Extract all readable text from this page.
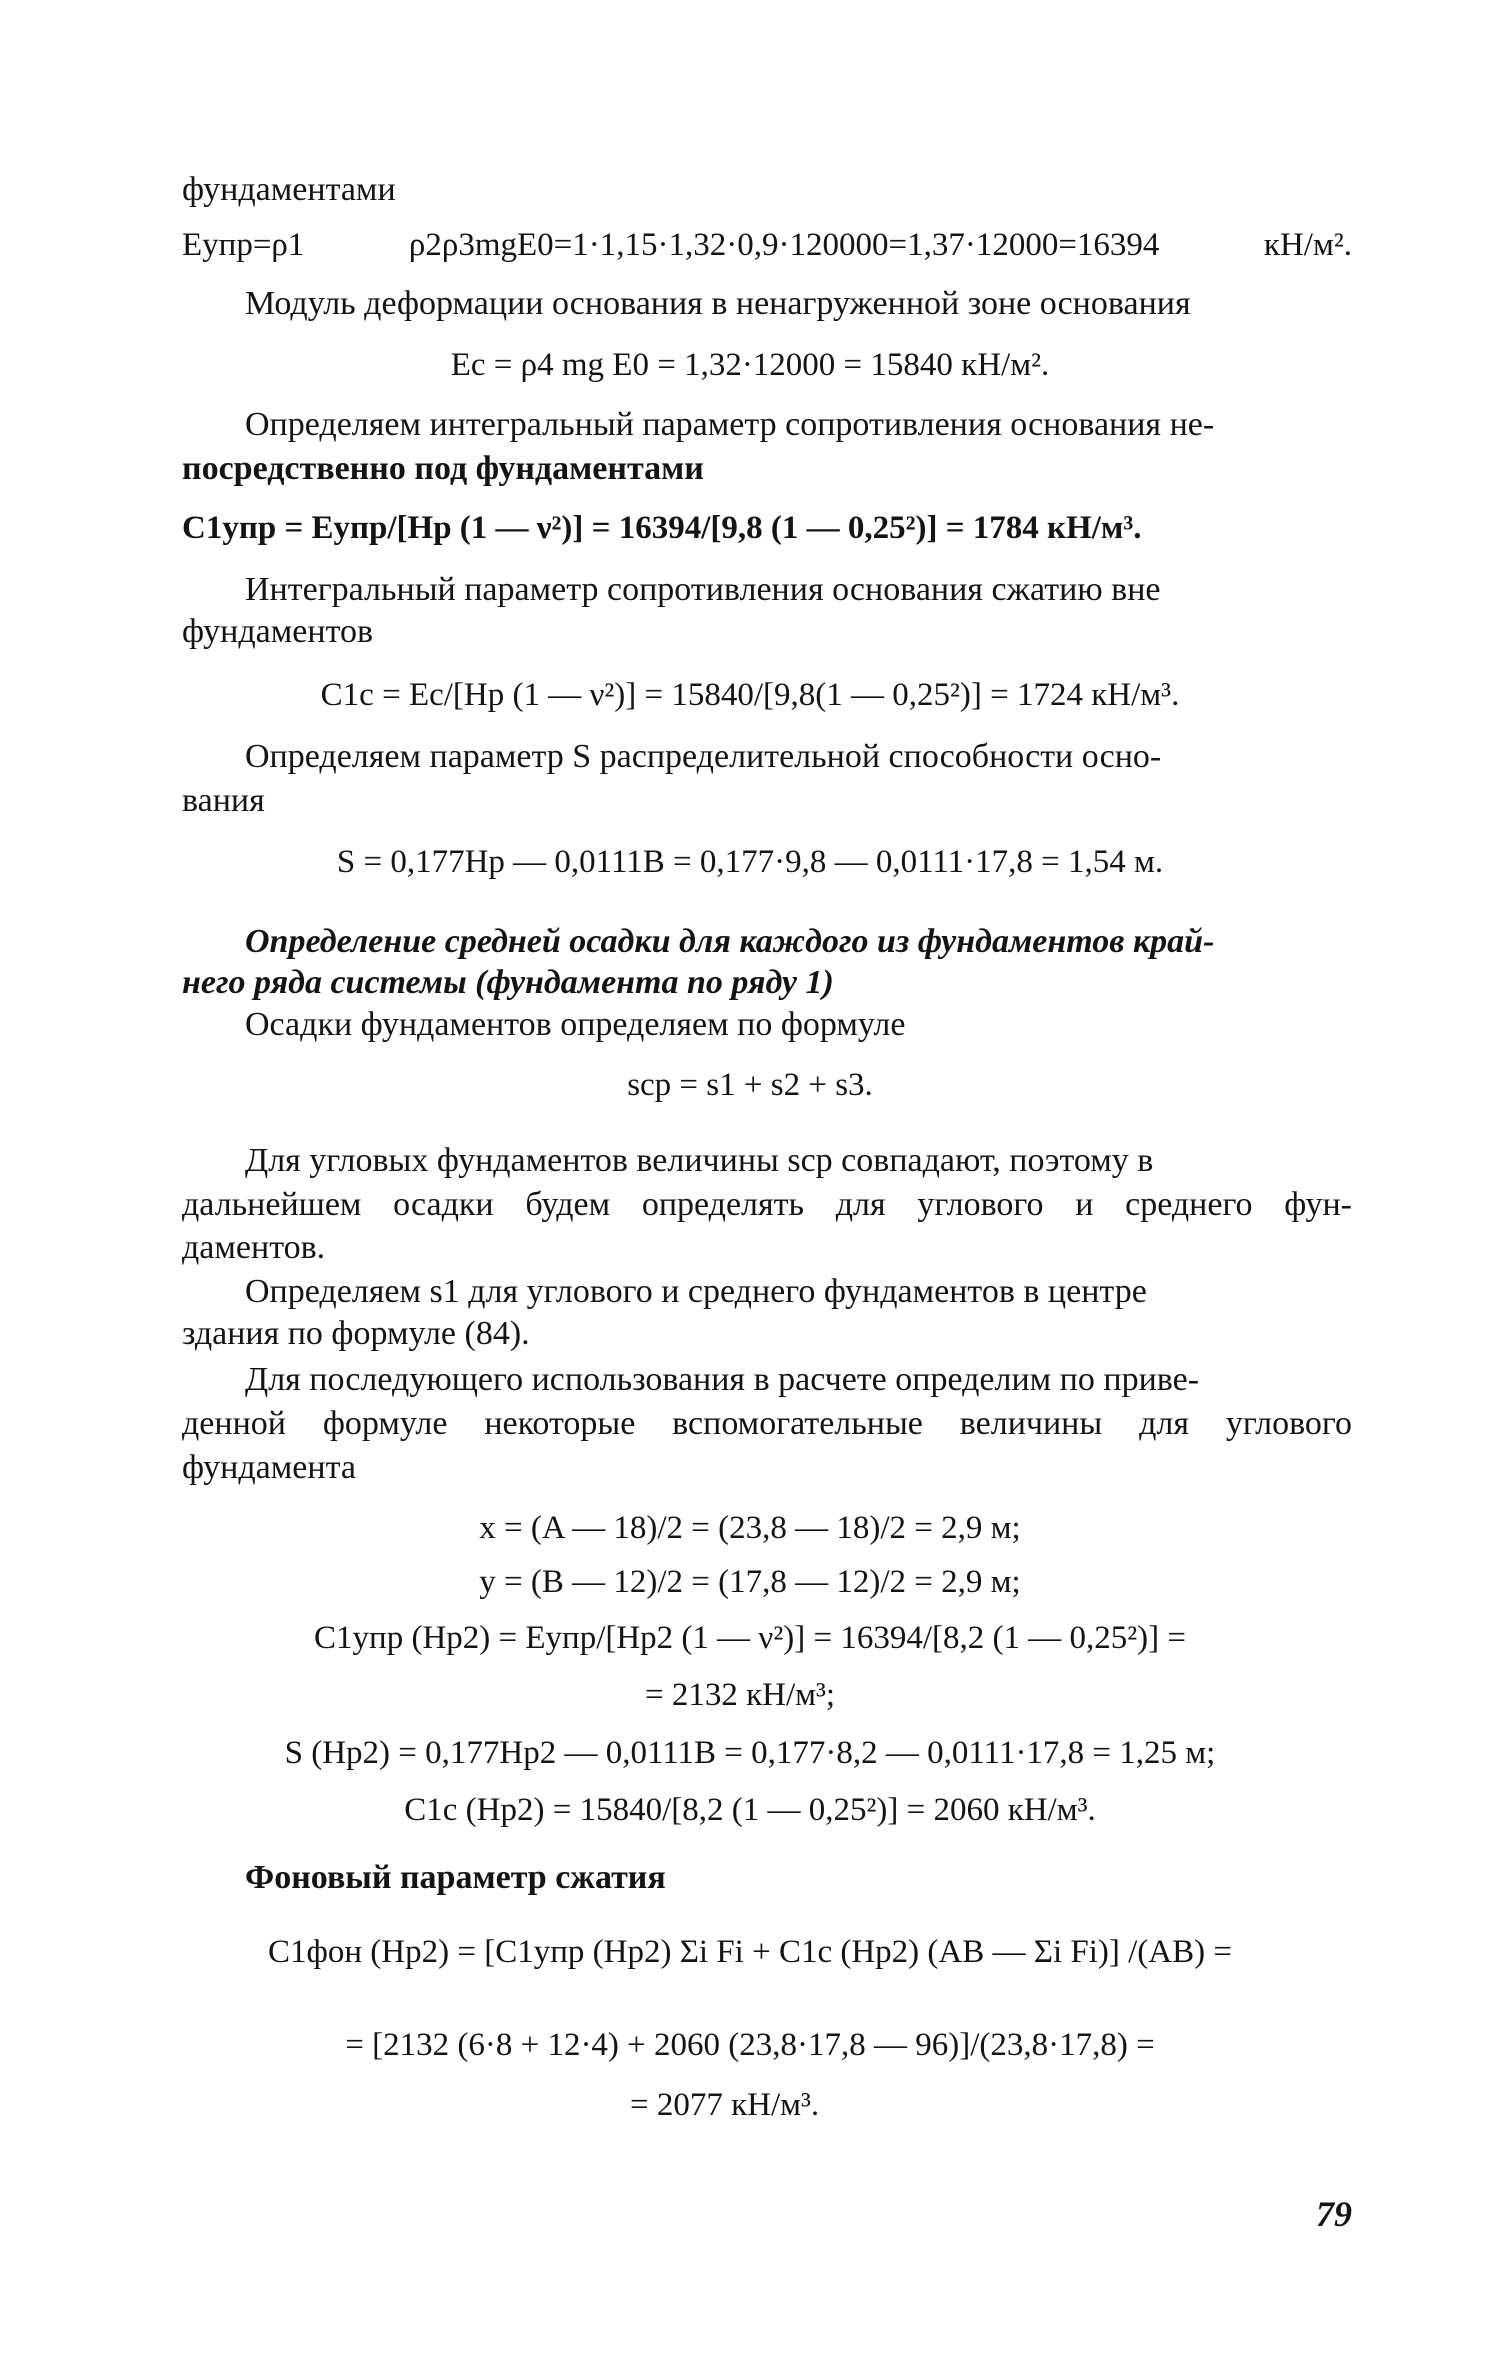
фундаментами
Eупр=ρ1 ρ2ρ3mgE0=1·1,15·1,32·0,9·120000=1,37·12000=16394 кН/м².
Модуль деформации основания в ненагруженной зоне основания
Ec = ρ4 mg E0 = 1,32·12000 = 15840 кН/м².
Определяем интегральный параметр сопротивления основания не-
посредственно под фундаментами
C1упр = Eупр/[Hp (1 — ν²)] = 16394/[9,8 (1 — 0,25²)] = 1784 кН/м³.
Интегральный параметр сопротивления основания сжатию вне
фундаментов
C1c = Ec/[Hp (1 — ν²)] = 15840/[9,8(1 — 0,25²)] = 1724 кН/м³.
Определяем параметр S распределительной способности осно-
вания
S = 0,177Hp — 0,0111B = 0,177·9,8 — 0,0111·17,8 = 1,54 м.
Определение средней осадки для каждого из фундаментов край-
него ряда системы (фундамента по ряду 1)
Осадки фундаментов определяем по формуле
sср = s1 + s2 + s3.
Для угловых фундаментов величины sср совпадают, поэтому в
дальнейшем осадки будем определять для углового и среднего фун-
даментов.
Определяем s1 для углового и среднего фундаментов в центре
здания по формуле (84).
Для последующего использования в расчете определим по приве-
денной формуле некоторые вспомогательные величины для углового
фундамента
x = (A — 18)/2 = (23,8 — 18)/2 = 2,9 м;
y = (B — 12)/2 = (17,8 — 12)/2 = 2,9 м;
C1упр (Hp2) = Eупр/[Hp2 (1 — ν²)] = 16394/[8,2 (1 — 0,25²)] =
= 2132 кН/м³;
S (Hp2) = 0,177Hp2 — 0,0111B = 0,177·8,2 — 0,0111·17,8 = 1,25 м;
C1c (Hp2) = 15840/[8,2 (1 — 0,25²)] = 2060 кН/м³.
Фоновый параметр сжатия
C1фон (Hp2) = [C1упр (Hp2) Σi Fi + C1c (Hp2) (AB — Σi Fi)] /(AB) =
= [2132 (6·8 + 12·4) + 2060 (23,8·17,8 — 96)]/(23,8·17,8) =
= 2077 кН/м³.
79
